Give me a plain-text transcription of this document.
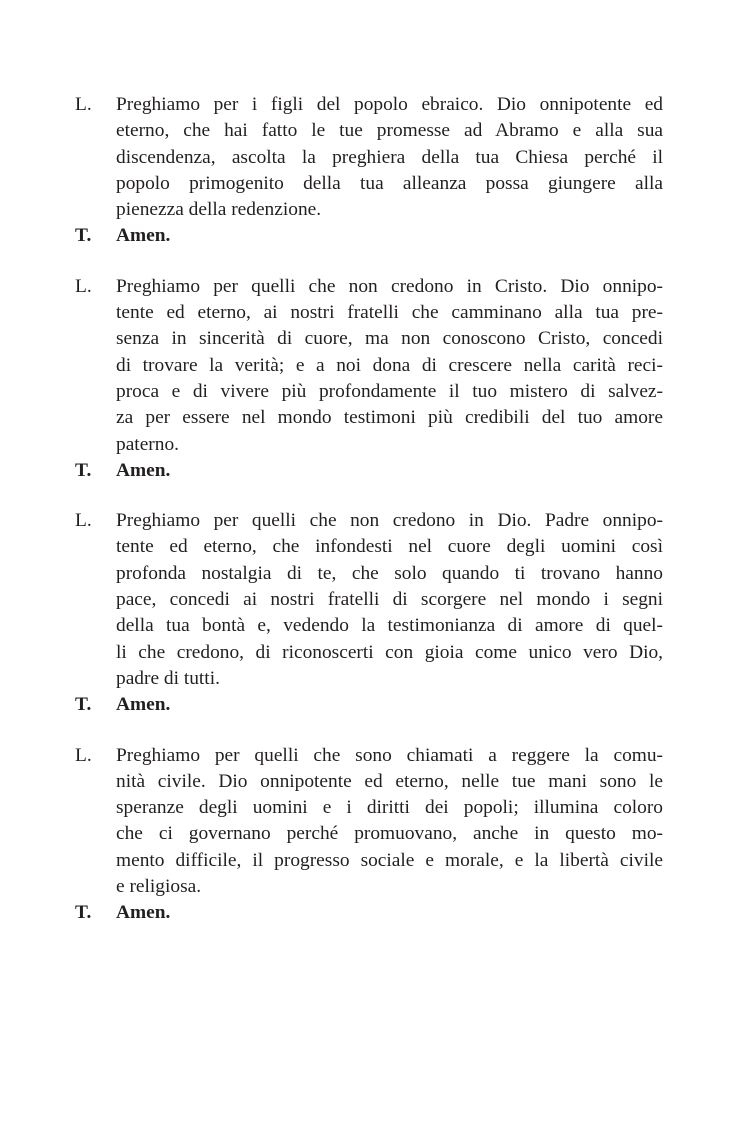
L.	Preghiamo per i figli del popolo ebraico. Dio onnipotente ed
eterno, che hai fatto le tue promesse ad Abramo e alla sua
discendenza, ascolta la preghiera della tua Chiesa perché il
popolo primogenito della tua alleanza possa giungere alla
pienezza della redenzione.

T.	Amen.
L.	Preghiamo per quelli che non credono in Cristo. Dio onnipo-
tente ed eterno, ai nostri fratelli che camminano alla tua pre-
senza in sincerità di cuore, ma non conoscono Cristo, concedi
di trovare la verità; e a noi dona di crescere nella carità reci-
proca e di vivere più profondamente il tuo mistero di salvez-
za per essere nel mondo testimoni più credibili del tuo amore
paterno.

T.	Amen.
L.	Preghiamo per quelli che non credono in Dio. Padre onnipo-
tente ed eterno, che infondesti nel cuore degli uomini così
profonda nostalgia di te, che solo quando ti trovano hanno
pace, concedi ai nostri fratelli di scorgere nel mondo i segni
della tua bontà e, vedendo la testimonianza di amore di quel-
li che credono, di riconoscerti con gioia come unico vero Dio,
padre di tutti.

T.	Amen.
L.	Preghiamo per quelli che sono chiamati a reggere la comu-
nità civile. Dio onnipotente ed eterno, nelle tue mani sono le
speranze degli uomini e i diritti dei popoli; illumina coloro
che ci governano perché promuovano, anche in questo mo-
mento difficile, il progresso sociale e morale, e la libertà civile
e religiosa.

T.	Amen.
